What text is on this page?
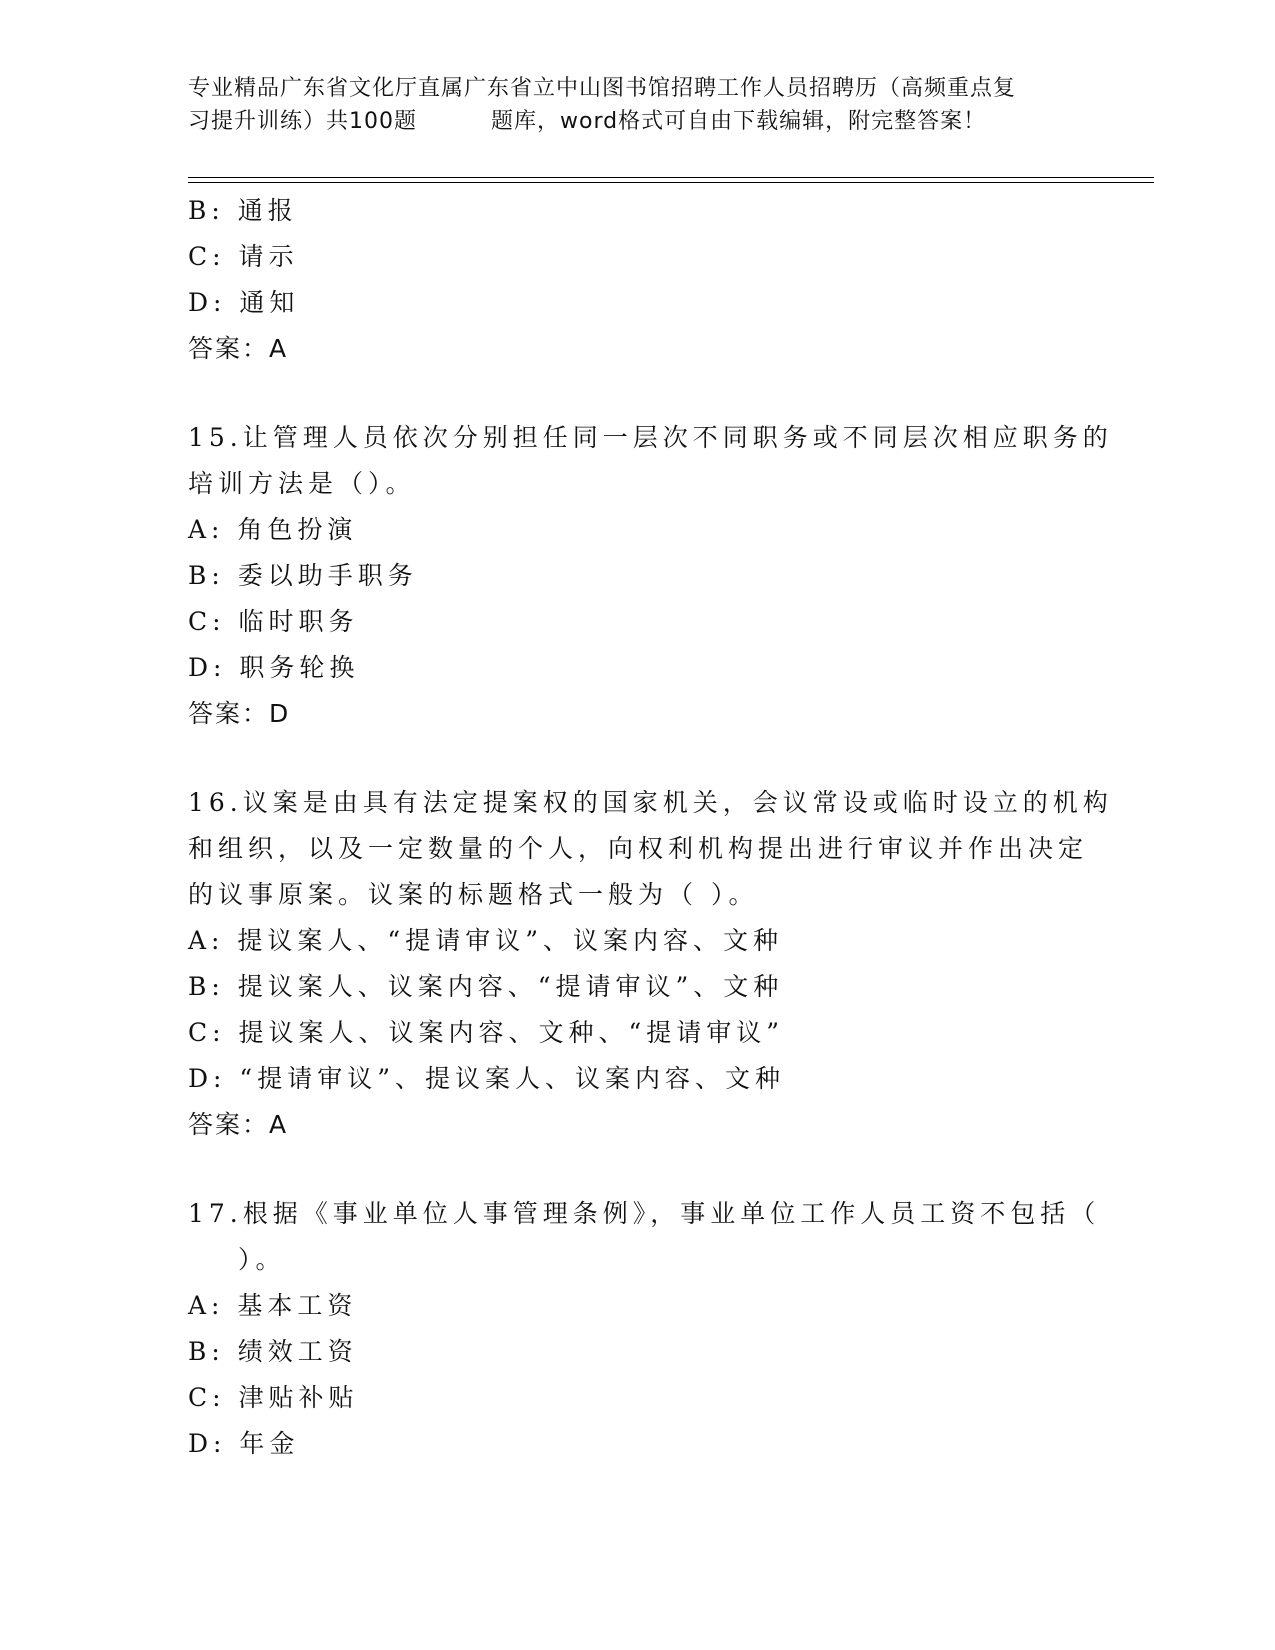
专业精品广东省文化厅直属广东省立中山图书馆招聘工作人员招聘历（高频重点复
习提升训练）共100题	题库，word格式可自由下载编辑，附完整答案！
B: 通报
C: 请示
D: 通知
答案：A
15.让管理人员依次分别担任同一层次不同职务或不同层次相应职务的
培训方法是（）。
A: 角色扮演
B: 委以助手职务
C: 临时职务
D: 职务轮换
答案：D
16.议案是由具有法定提案权的国家机关，会议常设或临时设立的机构
和组织，以及一定数量的个人，向权利机构提出进行审议并作出决定
的议事原案。议案的标题格式一般为（ ）。
A: 提议案人、“提请审议”、议案内容、文种
B: 提议案人、议案内容、“提请审议”、文种
C: 提议案人、议案内容、文种、“提请审议”
D: “提请审议”、提议案人、议案内容、文种
答案：A
17.根据《事业单位人事管理条例》，事业单位工作人员工资不包括（
）。
A: 基本工资
B: 绩效工资
C: 津贴补贴
D: 年金
